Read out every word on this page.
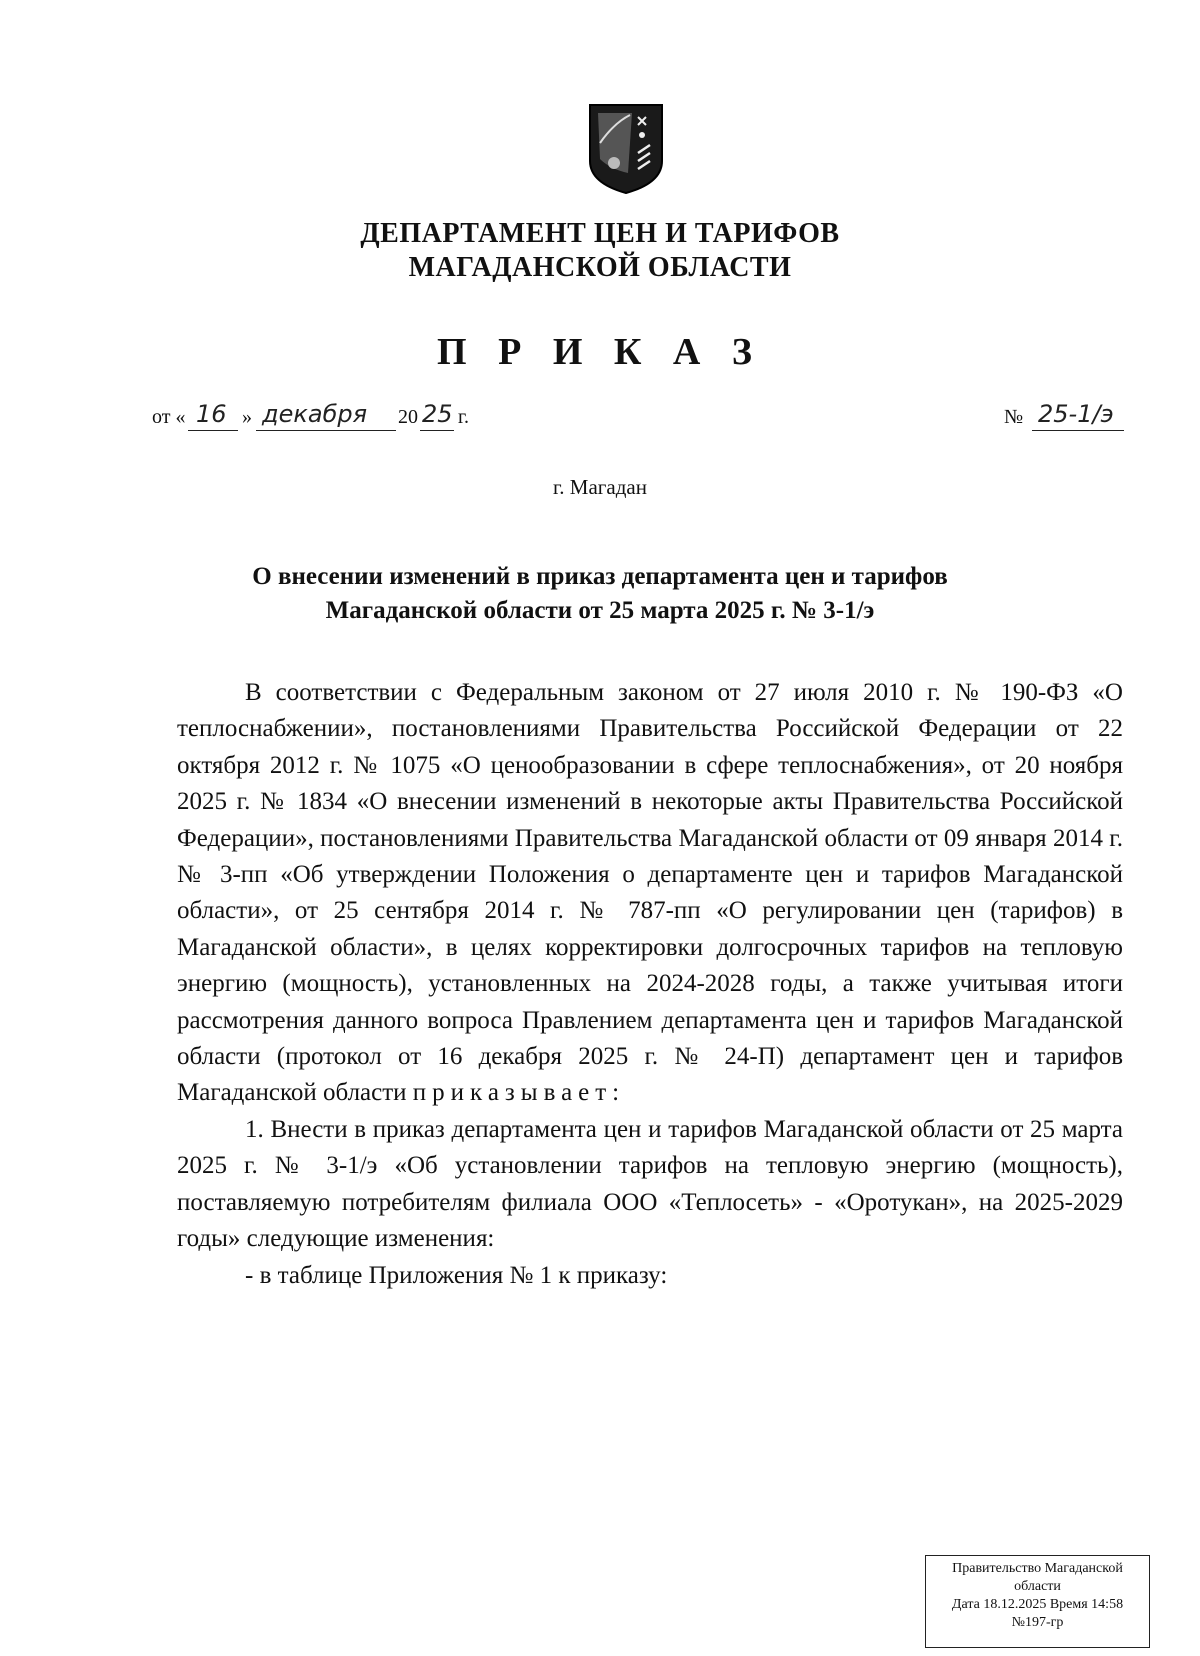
ДЕПАРТАМЕНТ ЦЕН И ТАРИФОВ
МАГАДАНСКОЙ ОБЛАСТИ
П Р И К А З
от « 16 » декабря 20 25 г.	№ 25-1/э
г. Магадан
О внесении изменений в приказ департамента цен и тарифов
Магаданской области от 25 марта 2025 г. № 3-1/э

В соответствии с Федеральным законом от 27 июля 2010 г. № 190-ФЗ «О теплоснабжении», постановлениями Правительства Российской Федерации от 22 октября 2012 г. № 1075 «О ценообразовании в сфере теплоснабжения», от 20 ноября 2025 г. № 1834 «О внесении изменений в некоторые акты Правительства Российской Федерации», постановлениями Правительства Магаданской области от 09 января 2014 г. № 3-пп «Об утверждении Положения о департаменте цен и тарифов Магаданской области», от 25 сентября 2014 г. № 787-пп «О регулировании цен (тарифов) в Магаданской области», в целях корректировки долгосрочных тарифов на тепловую энергию (мощность), установленных на 2024-2028 годы, а также учитывая итоги рассмотрения данного вопроса Правлением департамента цен и тарифов Магаданской области (протокол от 16 декабря 2025 г. № 24-П) департамент цен и тарифов Магаданской области приказывает:

1. Внести в приказ департамента цен и тарифов Магаданской области от 25 марта 2025 г. № 3-1/э «Об установлении тарифов на тепловую энергию (мощность), поставляемую потребителям филиала ООО «Теплосеть» - «Оротукан», на 2025-2029 годы» следующие изменения:

- в таблице Приложения № 1 к приказу:

Правительство Магаданской
области
Дата 18.12.2025 Время 14:58
№197-гр
